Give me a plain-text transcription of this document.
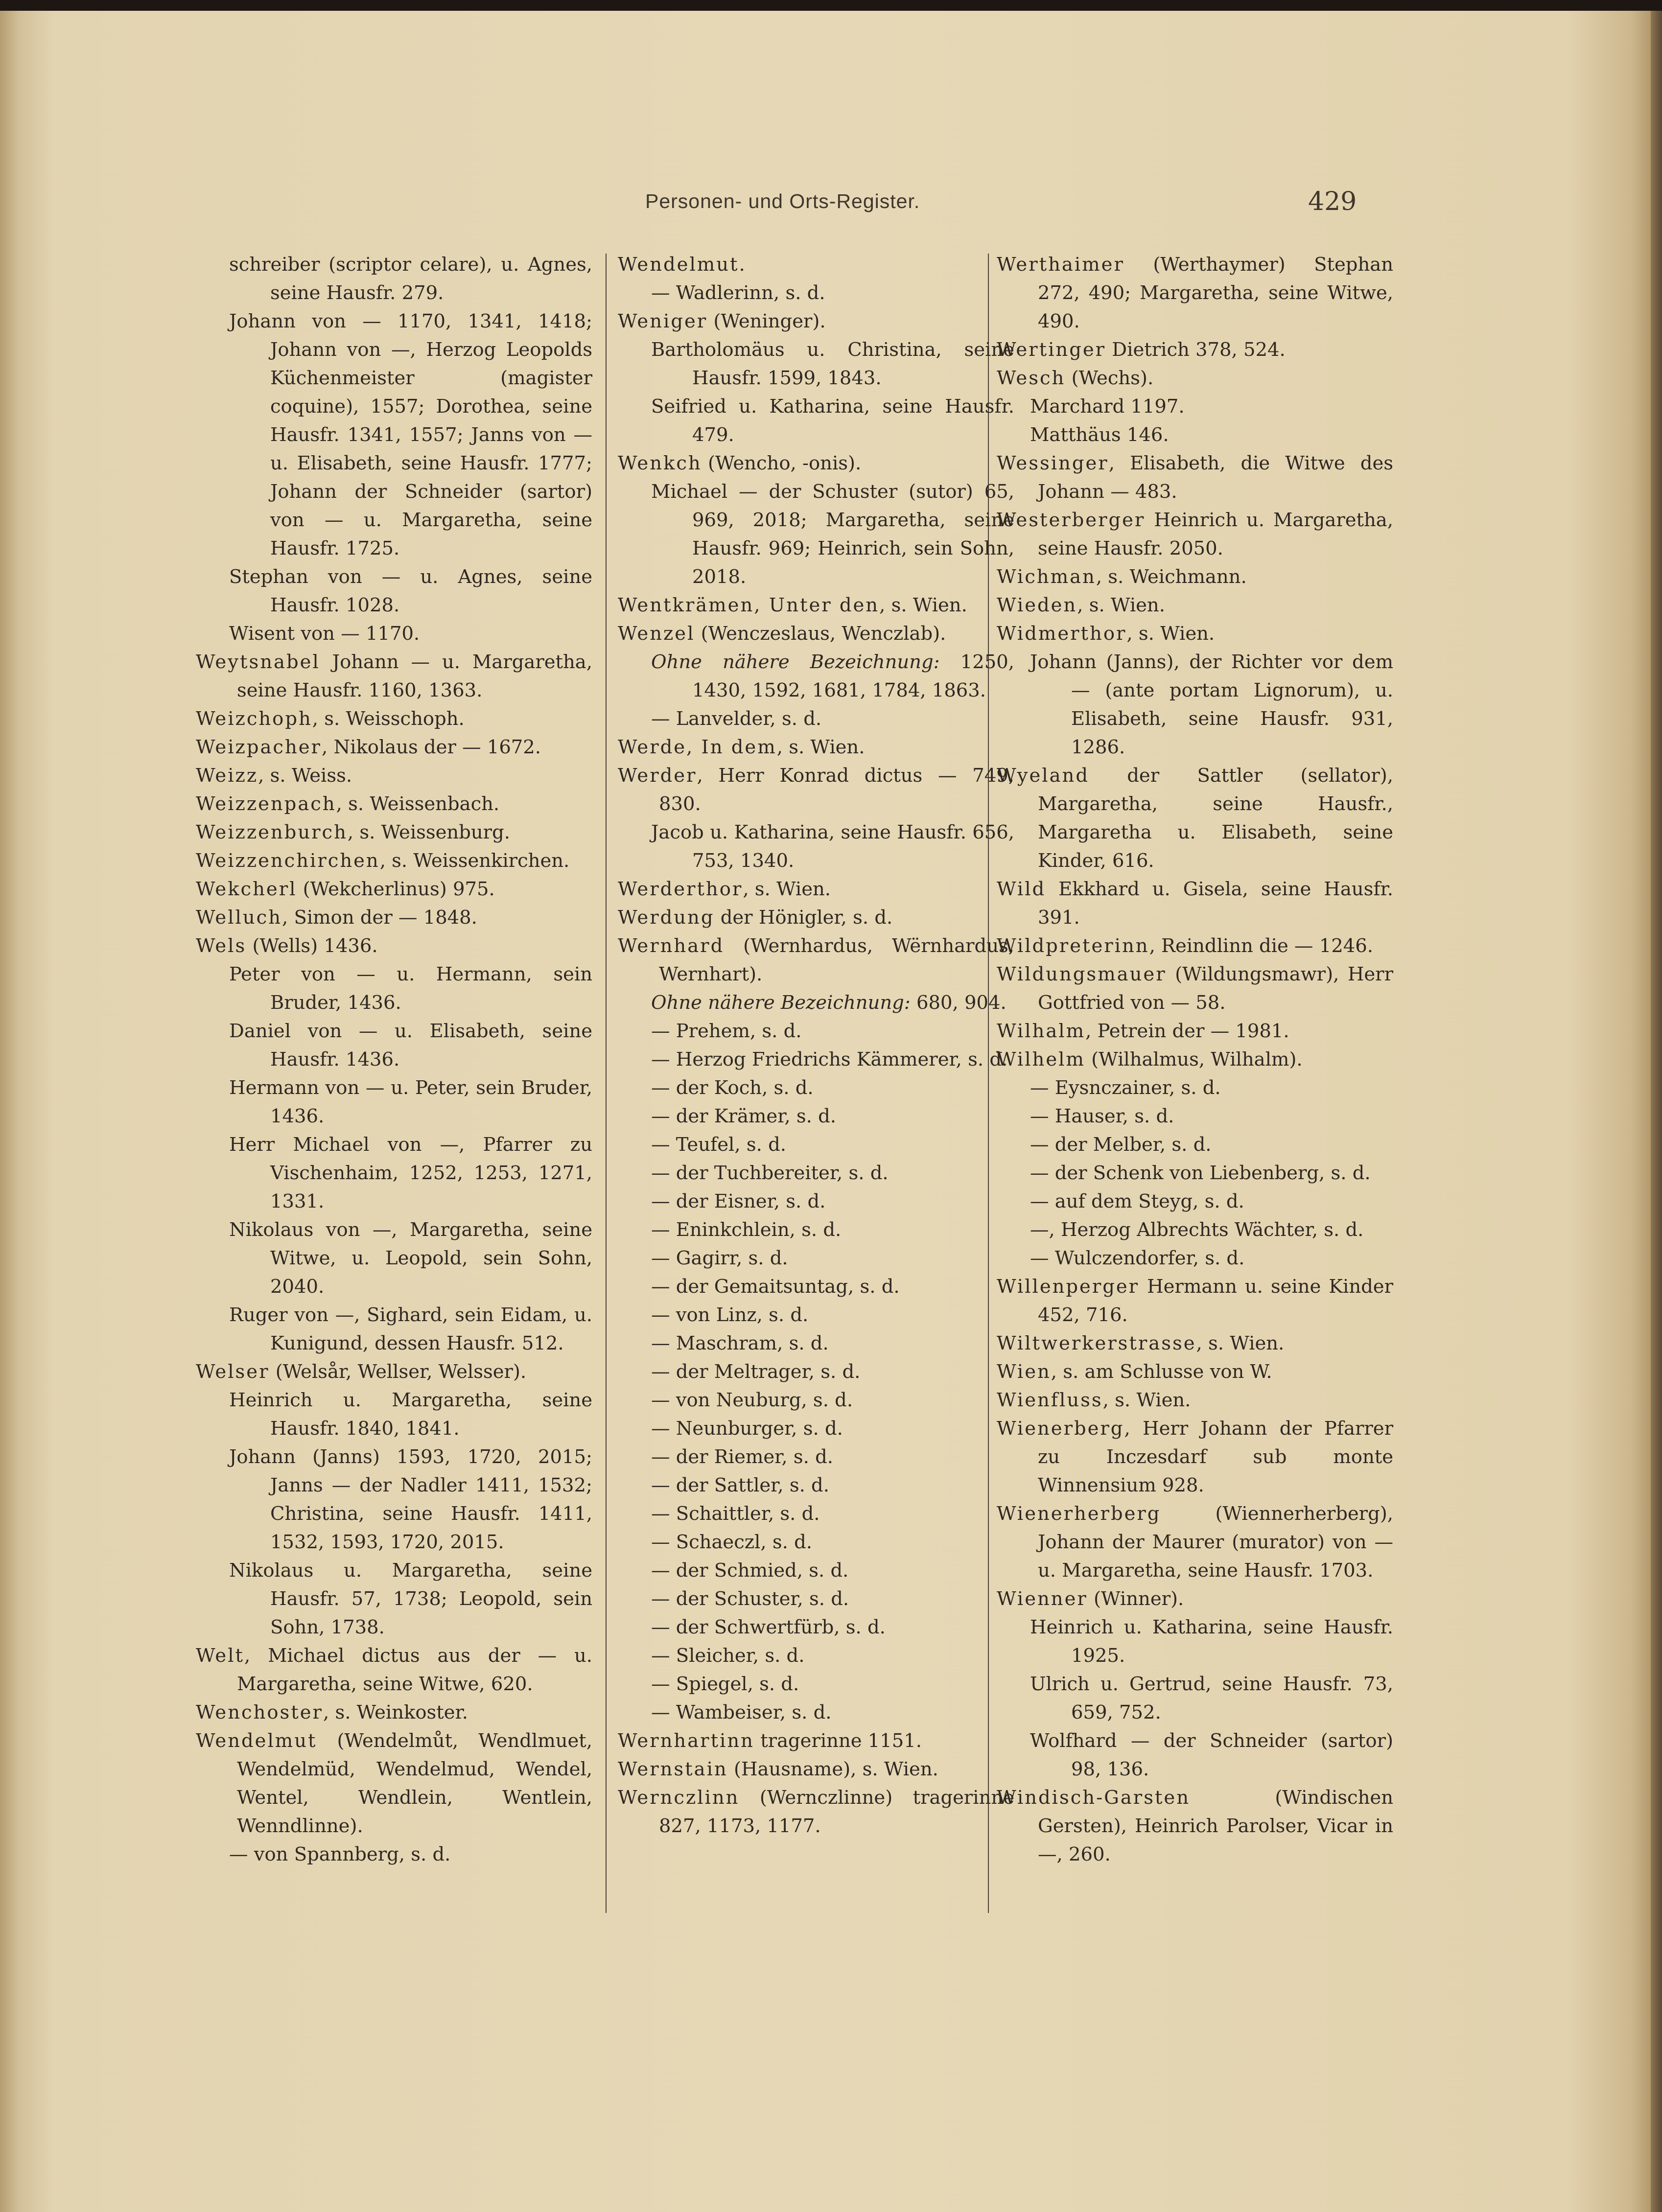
Personen- und Orts-Register.	429

schreiber (scriptor celare), u. Agnes, seine Hausfr. 279.

Johann von — 1170, 1341, 1418; Johann von —, Herzog Leopolds Küchenmeister (magister coquine), 1557; Dorothea, seine Hausfr. 1341, 1557; Janns von — u. Elisabeth, seine Hausfr. 1777; Johann der Schneider (sartor) von — u. Margaretha, seine Hausfr. 1725.

Stephan von — u. Agnes, seine Hausfr. 1028.

Wisent von — 1170.

Weytsnabel Johann — u. Margaretha, seine Hausfr. 1160, 1363.

Weizchoph, s. Weisschoph.

Weizpacher, Nikolaus der — 1672.

Weizz, s. Weiss.

Weizzenpach, s. Weissenbach.

Weizzenburch, s. Weissenburg.

Weizzenchirchen, s. Weissenkirchen.

Wekcherl (Wekcherlinus) 975.

Welluch, Simon der — 1848.

Wels (Wells) 1436.

Peter von — u. Hermann, sein Bruder, 1436.

Daniel von — u. Elisabeth, seine Hausfr. 1436.

Hermann von — u. Peter, sein Bruder, 1436.

Herr Michael von —, Pfarrer zu Vischenhaim, 1252, 1253, 1271, 1331.

Nikolaus von —, Margaretha, seine Witwe, u. Leopold, sein Sohn, 2040.

Ruger von —, Sighard, sein Eidam, u. Kunigund, dessen Hausfr. 512.

Welser (Welsår, Wellser, Welsser).

Heinrich u. Margaretha, seine Hausfr. 1840, 1841.

Johann (Janns) 1593, 1720, 2015; Janns — der Nadler 1411, 1532; Christina, seine Hausfr. 1411, 1532, 1593, 1720, 2015.

Nikolaus u. Margaretha, seine Hausfr. 57, 1738; Leopold, sein Sohn, 1738.

Welt, Michael dictus aus der — u. Margaretha, seine Witwe, 620.

Wenchoster, s. Weinkoster.

Wendelmut (Wendelmůt, Wendlmuet, Wendelmüd, Wendelmud, Wendel, Wentel, Wendlein, Wentlein, Wenndlinne).

— von Spannberg, s. d.

Wendelmut.

— Wadlerinn, s. d.

Weniger (Weninger).

Bartholomäus u. Christina, seine Hausfr. 1599, 1843.

Seifried u. Katharina, seine Hausfr. 479.

Wenkch (Wencho, -onis).

Michael — der Schuster (sutor) 65, 969, 2018; Margaretha, seine Hausfr. 969; Heinrich, sein Sohn, 2018.

Wentkrämen, Unter den, s. Wien.

Wenzel (Wenczeslaus, Wenczlab).

Ohne nähere Bezeichnung: 1250, 1430, 1592, 1681, 1784, 1863.

— Lanvelder, s. d.

Werde, In dem, s. Wien.

Werder, Herr Konrad dictus — 749, 830.

Jacob u. Katharina, seine Hausfr. 656, 753, 1340.

Werderthor, s. Wien.

Werdung der Hönigler, s. d.

Wernhard (Wernhardus, Wërnhardus, Wernhart).

Ohne nähere Bezeichnung: 680, 904.

— Prehem, s. d.

— Herzog Friedrichs Kämmerer, s. d.

— der Koch, s. d.

— der Krämer, s. d.

— Teufel, s. d.

— der Tuchbereiter, s. d.

— der Eisner, s. d.

— Eninkchlein, s. d.

— Gagirr, s. d.

— der Gemaitsuntag, s. d.

— von Linz, s. d.

— Maschram, s. d.

— der Meltrager, s. d.

— von Neuburg, s. d.

— Neunburger, s. d.

— der Riemer, s. d.

— der Sattler, s. d.

— Schaittler, s. d.

— Schaeczl, s. d.

— der Schmied, s. d.

— der Schuster, s. d.

— der Schwertfürb, s. d.

— Sleicher, s. d.

— Spiegel, s. d.

— Wambeiser, s. d.

Wernhartinn tragerinne 1151.

Wernstain (Hausname), s. Wien.

Wernczlinn (Wernczlinne) tragerinne 827, 1173, 1177.

Werthaimer (Werthaymer) Stephan 272, 490; Margaretha, seine Witwe, 490.

Wertinger Dietrich 378, 524.

Wesch (Wechs).

Marchard 1197.

Matthäus 146.

Wessinger, Elisabeth, die Witwe des Johann — 483.

Westerberger Heinrich u. Margaretha, seine Hausfr. 2050.

Wichman, s. Weichmann.

Wieden, s. Wien.

Widmerthor, s. Wien.

Johann (Janns), der Richter vor dem — (ante portam Lignorum), u. Elisabeth, seine Hausfr. 931, 1286.

Wyeland der Sattler (sellator), Margaretha, seine Hausfr., Margaretha u. Elisabeth, seine Kinder, 616.

Wild Ekkhard u. Gisela, seine Hausfr. 391.

Wildpreterinn, Reindlinn die — 1246.

Wildungsmauer (Wildungsmawr), Herr Gottfried von — 58.

Wilhalm, Petrein der — 1981.

Wilhelm (Wilhalmus, Wilhalm).

— Eysnczainer, s. d.

— Hauser, s. d.

— der Melber, s. d.

— der Schenk von Liebenberg, s. d.

— auf dem Steyg, s. d.

—, Herzog Albrechts Wächter, s. d.

— Wulczendorfer, s. d.

Willenperger Hermann u. seine Kinder 452, 716.

Wiltwerkerstrasse, s. Wien.

Wien, s. am Schlusse von W.

Wienfluss, s. Wien.

Wienerberg, Herr Johann der Pfarrer zu Inczesdarf sub monte Winnensium 928.

Wienerherberg (Wiennerherberg), Johann der Maurer (murator) von — u. Margaretha, seine Hausfr. 1703.

Wienner (Winner).

Heinrich u. Katharina, seine Hausfr. 1925.

Ulrich u. Gertrud, seine Hausfr. 73, 659, 752.

Wolfhard — der Schneider (sartor) 98, 136.

Windisch-Garsten (Windischen Gersten), Heinrich Parolser, Vicar in —, 260.
